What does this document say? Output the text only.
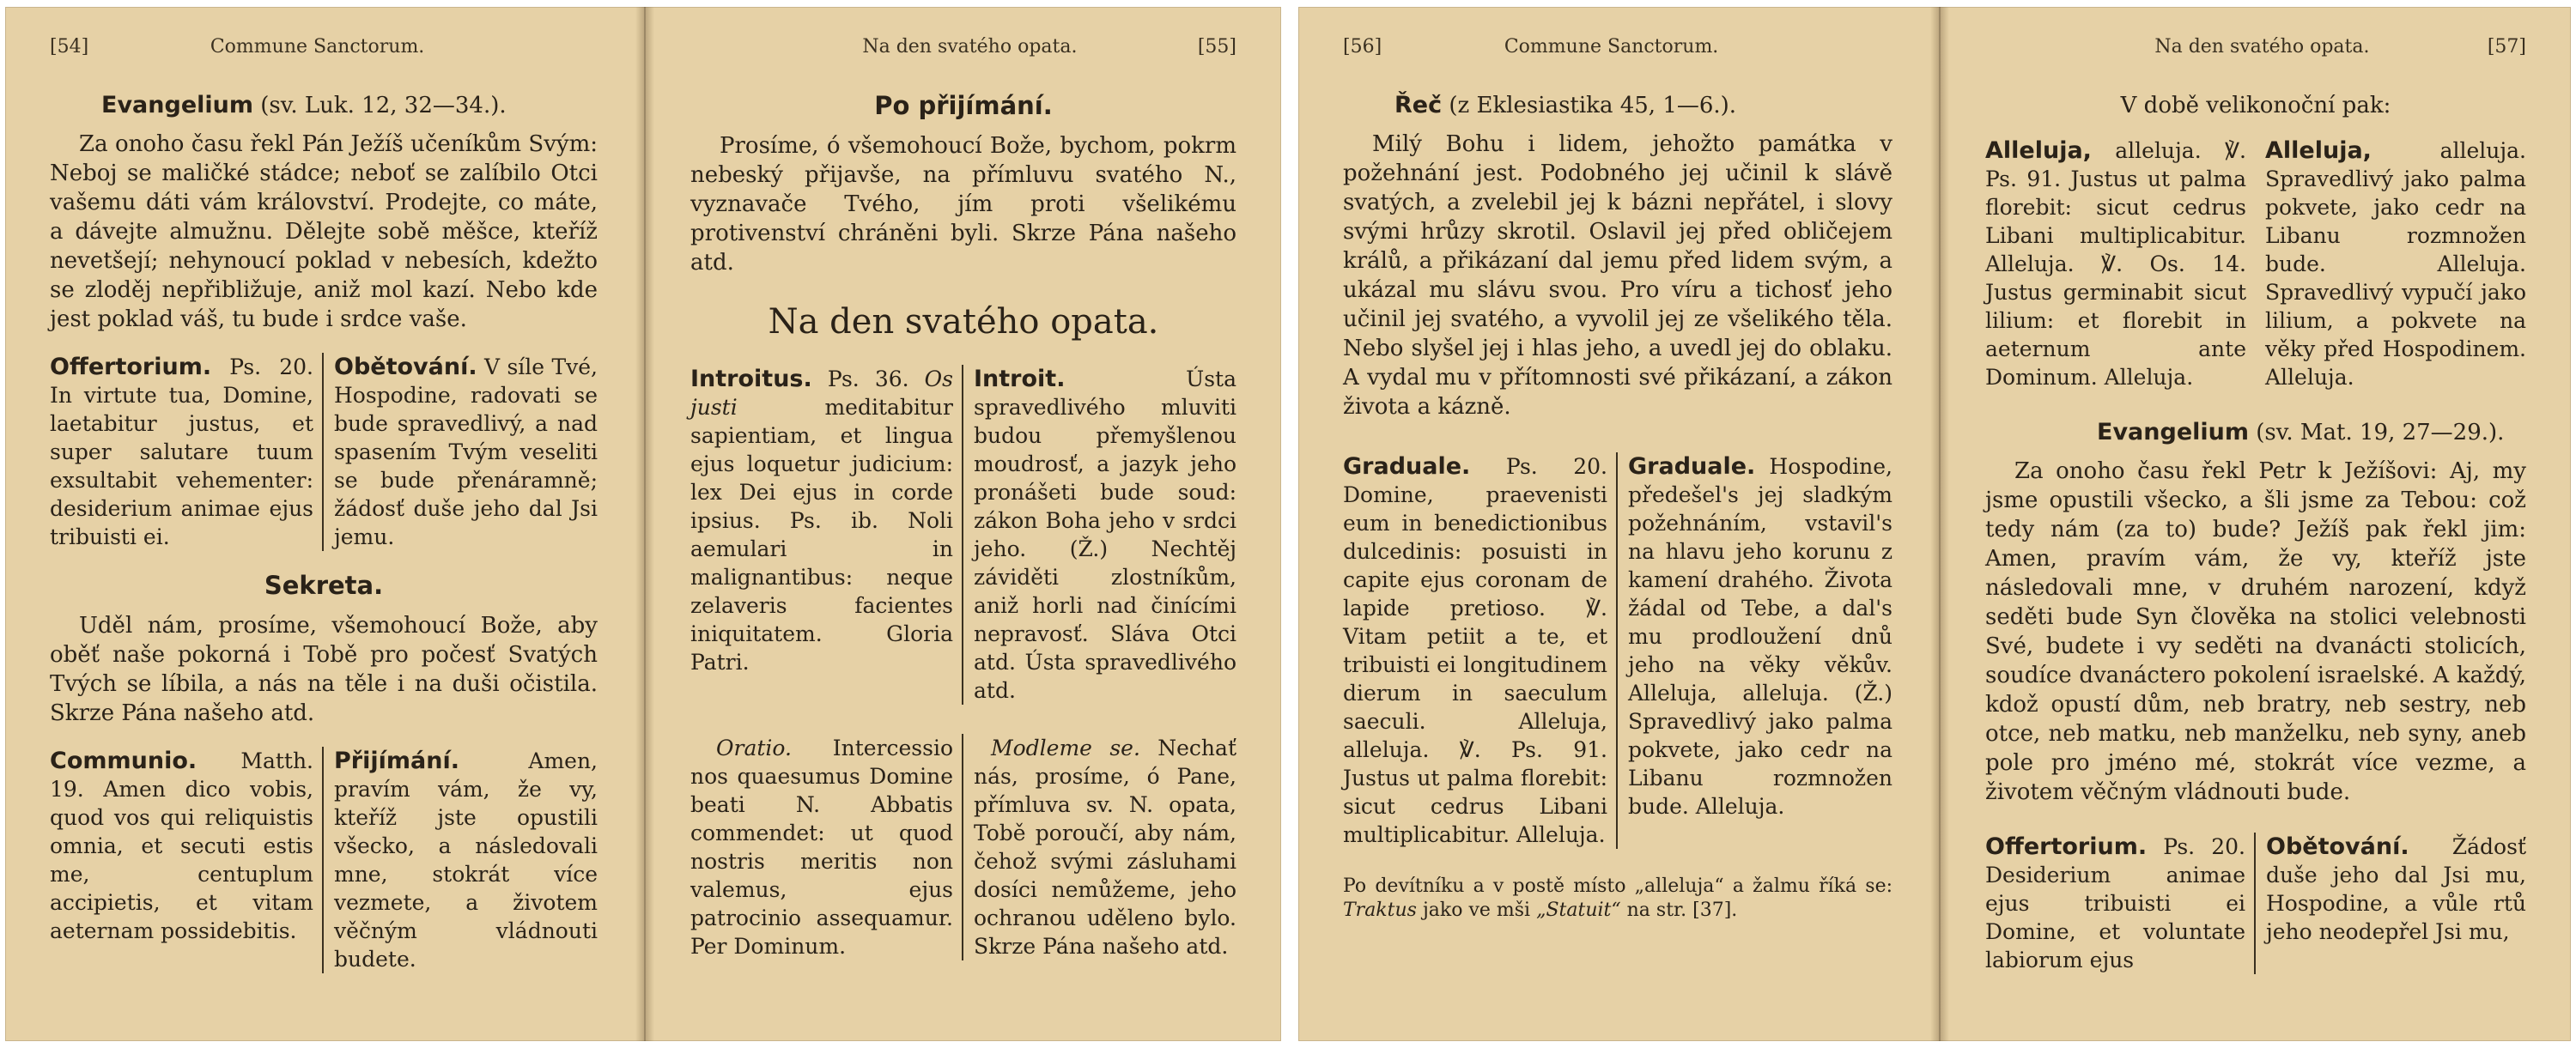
[54]	Commune Sanctorum.
Evangelium (sv. Luk. 12, 32—34.).

Za onoho času řekl Pán Ježíš učeníkům Svým: Neboj se maličké stádce; neboť se zalíbilo Otci vašemu dáti vám království. Prodejte, co máte, a dávejte almužnu. Dělejte sobě měšce, kteříž nevetšejí; nehynoucí poklad v nebesích, kdežto se zloděj nepřibližuje, aniž mol kazí. Nebo kde jest poklad váš, tu bude i srdce vaše.

Offertorium. Ps. 20. In virtute tua, Domine, laetabitur justus, et super salutare tuum exsultabit vehementer: desiderium animae ejus tribuisti ei.
Obětování. V síle Tvé, Hospodine, radovati se bude spravedlivý, a nad spasením Tvým veseliti se bude přenáramně; žádosť duše jeho dal Jsi jemu.
Sekreta.

Uděl nám, prosíme, všemohoucí Bože, aby oběť naše pokorná i Tobě pro počesť Svatých Tvých se líbila, a nás na těle i na duši očistila. Skrze Pána našeho atd.

Communio. Matth. 19. Amen dico vobis, quod vos qui reliquistis omnia, et secuti estis me, centuplum accipietis, et vitam aeternam possidebitis.
Přijímání.	Amen, pravím vám, že vy, kteříž jste opustili všecko, a následovali mne, stokrát více vezmete, a životem věčným vládnouti budete.
Na den svatého opata.	[55]
Po přijímání.

Prosíme, ó všemohoucí Bože, bychom, pokrm nebeský přijavše, na přímluvu svatého N., vyznavače Tvého, jím proti všelikému protivenství chráněni byli. Skrze Pána našeho atd.

Na den svatého opata.
Introitus. Ps. 36. Os justi	meditabitur sapientiam, et lingua ejus loquetur judicium: lex Dei ejus in corde ipsius. Ps. ib. Noli aemulari in malignantibus: neque zelaveris facientes iniquitatem. Gloria Patri.
Introit.	Ústa spravedlivého mluviti budou přemyšlenou moudrosť, a jazyk jeho pronášeti bude soud: zákon Boha jeho v srdci jeho. (Ž.) Nechtěj záviděti zlostníkům, aniž horli nad činícími nepravosť. Sláva Otci atd. Ústa spravedlivého atd.
Oratio. Intercessio nos quaesumus Domine beati N. Abbatis commendet: ut quod nostris meritis non valemus, ejus patrocinio assequamur. Per Dominum.
Modleme se. Nechať nás, prosíme, ó Pane, přímluva sv. N. opata, Tobě poroučí, aby nám, čehož svými zásluhami dosíci nemůžeme, jeho ochranou uděleno bylo. Skrze Pána našeho atd.
[56]	Commune Sanctorum.
Řeč (z Eklesiastika 45, 1—6.).

Milý Bohu i lidem, jehožto památka v požehnání jest. Podobného jej učinil k slávě svatých, a zvelebil jej k bázni nepřátel, i slovy svými hrůzy skrotil. Oslavil jej před obličejem králů, a přikázaní dal jemu před lidem svým, a ukázal mu slávu svou. Pro víru a tichosť jeho učinil jej svatého, a vyvolil jej ze všelikého těla. Nebo slyšel jej i hlas jeho, a uvedl jej do oblaku. A vydal mu v přítomnosti své přikázaní, a zákon života a kázně.

Graduale. Ps. 20. Domine, praevenisti eum in benedictionibus dulcedinis: posuisti in capite ejus coronam de lapide pretioso. ℣. Vitam petiit a te, et tribuisti ei longitudinem dierum in saeculum saeculi. Alleluja, alleluja. ℣. Ps. 91. Justus ut palma florebit: sicut cedrus Libani multiplicabitur. Alleluja.
Graduale. Hospodine, předešel's jej sladkým požehnáním, vstavil's na hlavu jeho korunu z kamení drahého. Života žádal od Tebe, a dal's mu prodloužení dnů jeho na věky věkův. Alleluja, alleluja. (Ž.) Spravedlivý jako palma pokvete, jako cedr na Libanu rozmnožen bude. Alleluja.

Po devítníku a v postě místo „alleluja“ a žalmu říká se: Traktus jako ve mši „Statuit“ na str. [37].

Na den svatého opata.	[57]
V době velikonoční pak:
Alleluja, alleluja. ℣. Ps. 91. Justus ut palma florebit: sicut cedrus Libani multiplicabitur. Alleluja. ℣. Os. 14. Justus germinabit sicut lilium: et florebit in aeternum ante Dominum. Alleluja.
Alleluja,	alleluja. Spravedlivý jako palma pokvete, jako cedr na Libanu rozmnožen bude. Alleluja. Spravedlivý vypučí jako lilium, a pokvete na věky před Hospodinem. Alleluja.
Evangelium (sv. Mat. 19, 27—29.).

Za onoho času řekl Petr k Ježíšovi: Aj, my jsme opustili všecko, a šli jsme za Tebou: což tedy nám (za to) bude? Ježíš pak řekl jim: Amen, pravím vám, že vy, kteříž jste následovali mne, v druhém narození, když seděti bude Syn člověka na stolici velebnosti Své, budete i vy seděti na dvanácti stolicích, soudíce dvanáctero pokolení israelské. A každý, kdož opustí dům, neb bratry, neb sestry, neb otce, neb matku, neb manželku, neb syny, aneb pole pro jméno mé, stokrát více vezme, a životem věčným vládnouti bude.

Offertorium. Ps. 20. Desiderium animae ejus tribuisti ei Domine, et voluntate labiorum ejus
Obětování. Žádosť duše jeho dal Jsi mu, Hospodine, a vůle rtů jeho neodepřel Jsi mu,
